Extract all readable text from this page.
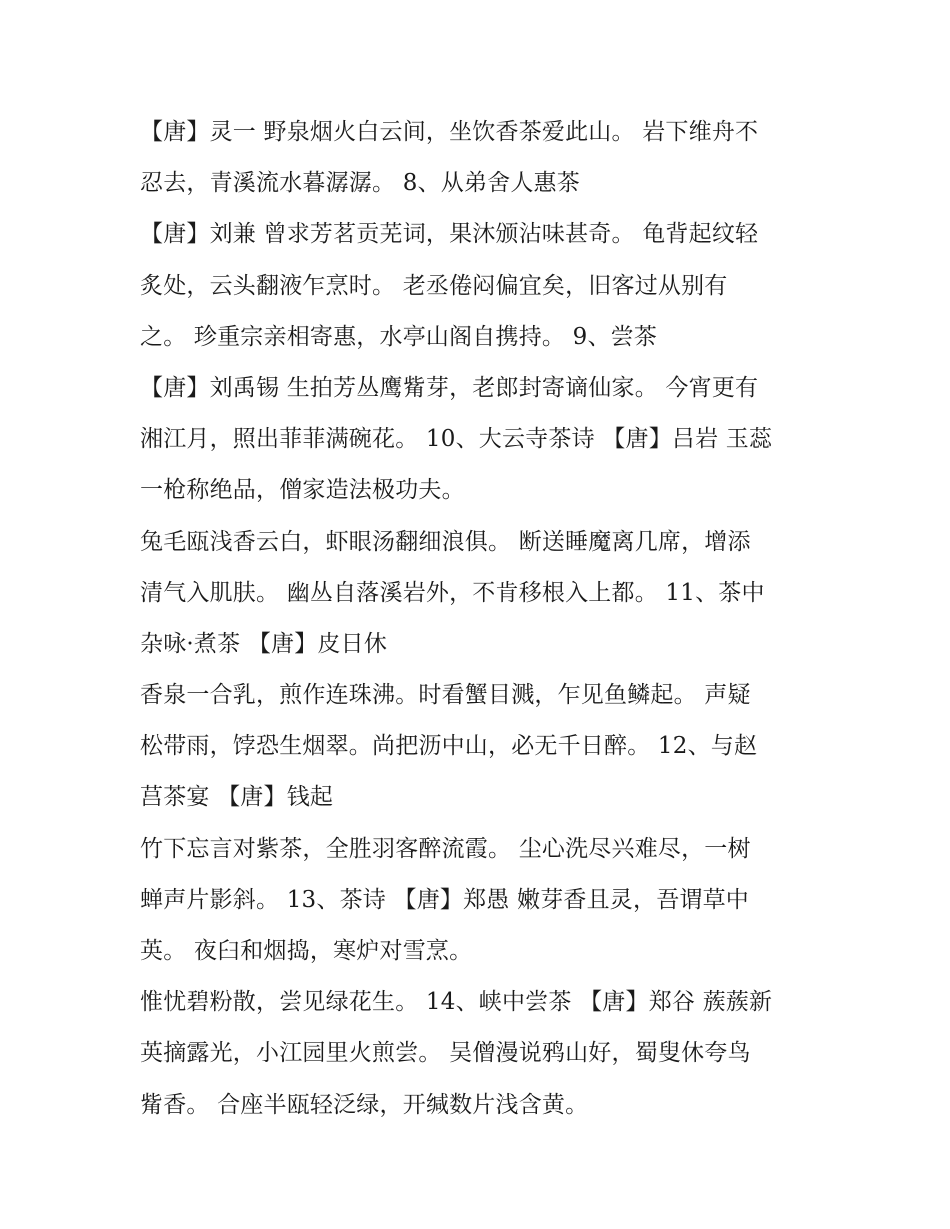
【唐】灵一 野泉烟火白云间，坐饮香茶爱此山。 岩下维舟不
忍去，青溪流水暮潺潺。 8、从弟舍人惠茶
【唐】刘兼 曾求芳茗贡芜词，果沐颁沾味甚奇。 龟背起纹轻
炙处，云头翻液乍烹时。 老丞倦闷偏宜矣，旧客过从别有
之。 珍重宗亲相寄惠，水亭山阁自携持。 9、尝茶
【唐】刘禹锡 生拍芳丛鹰觜芽，老郎封寄谪仙家。 今宵更有
湘江月，照出菲菲满碗花。 10、大云寺茶诗 【唐】吕岩 玉蕊
一枪称绝品，僧家造法极功夫。
兔毛瓯浅香云白，虾眼汤翻细浪俱。 断送睡魔离几席，增添
清气入肌肤。 幽丛自落溪岩外，不肯移根入上都。 11、茶中
杂咏·煮茶 【唐】皮日休
香泉一合乳，煎作连珠沸。时看蟹目溅，乍见鱼鳞起。 声疑
松带雨，饽恐生烟翠。尚把沥中山，必无千日醉。 12、与赵
莒茶宴 【唐】钱起
竹下忘言对紫茶，全胜羽客醉流霞。 尘心洗尽兴难尽，一树
蝉声片影斜。 13、茶诗 【唐】郑愚 嫩芽香且灵，吾谓草中
英。 夜臼和烟捣，寒炉对雪烹。
惟忧碧粉散，尝见绿花生。 14、峡中尝茶 【唐】郑谷 蔟蔟新
英摘露光，小江园里火煎尝。 吴僧漫说鸦山好，蜀叟休夸鸟
觜香。 合座半瓯轻泛绿，开缄数片浅含黄。
